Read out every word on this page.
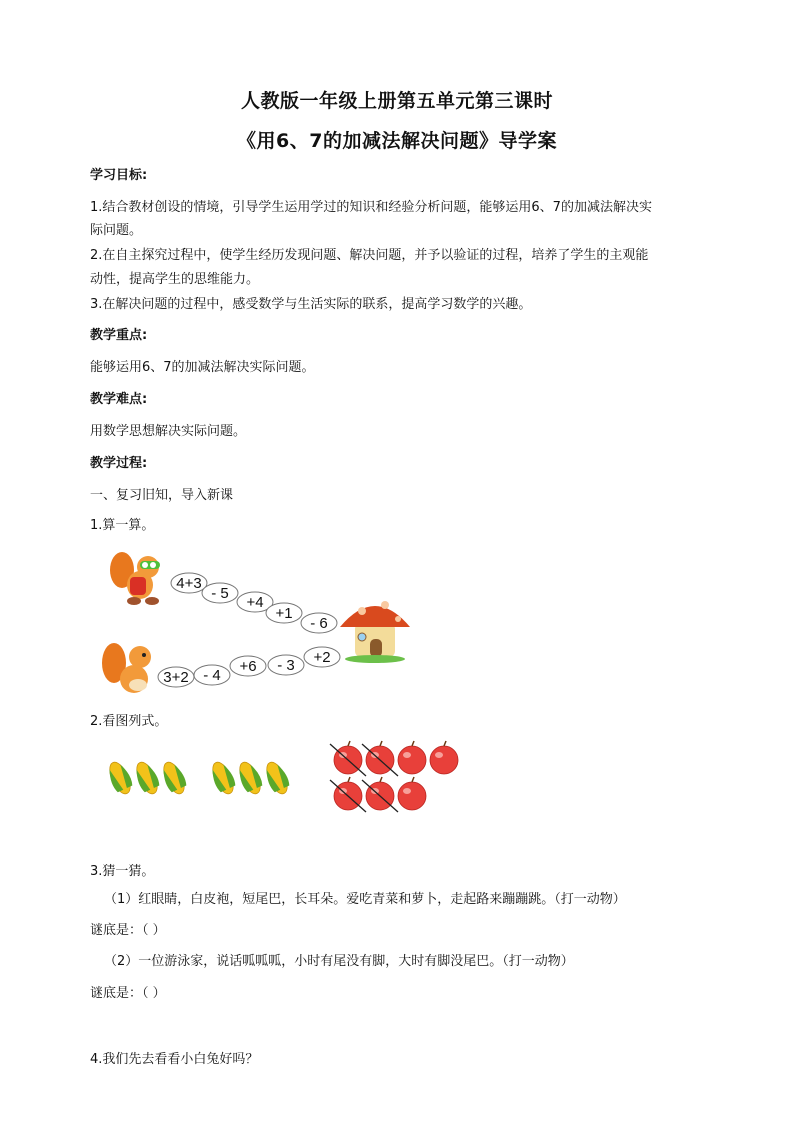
人教版一年级上册第五单元第三课时
《用6、7的加减法解决问题》导学案
学习目标:
1.结合教材创设的情境，引导学生运用学过的知识和经验分析问题，能够运用6、7的加减法解决实
际问题。
2.在自主探究过程中，使学生经历发现问题、解决问题，并予以验证的过程，培养了学生的主观能
动性，提高学生的思维能力。
3.在解决问题的过程中，感受数学与生活实际的联系，提高学习数学的兴趣。
教学重点:
能够运用6、7的加减法解决实际问题。
教学难点:
用数学思想解决实际问题。
教学过程:
一、复习旧知，导入新课
1.算一算。
4+3
- 5
+4
+1
- 6
3+2 - 4
+6 - 3 +2
2.看图列式。
3.猜一猜。
（1）红眼睛，白皮袍，短尾巴，长耳朵。爱吃青菜和萝卜，走起路来蹦蹦跳。（打一动物）
谜底是：（ ）
（2）一位游泳家，说话呱呱呱，小时有尾没有脚，大时有脚没尾巴。（打一动物）
谜底是：（ ）
4.我们先去看看小白兔好吗？
